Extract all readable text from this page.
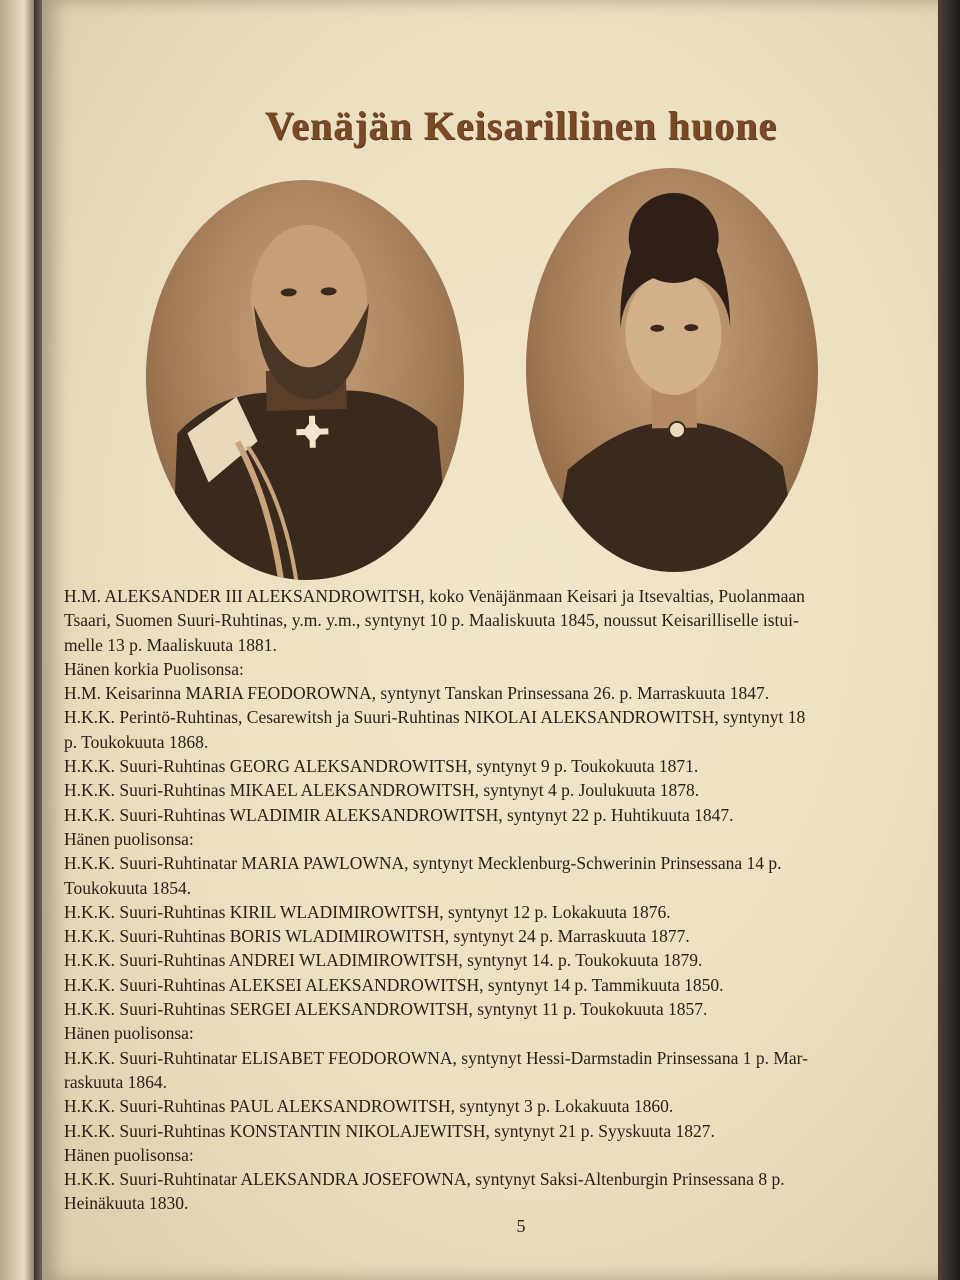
Venäjän Keisarillinen huone
H.M. ALEKSANDER III ALEKSANDROWITSH, koko Venäjänmaan Keisari ja Itsevaltias, Puolanmaan
Tsaari, Suomen Suuri-Ruhtinas, y.m. y.m., syntynyt 10 p. Maaliskuuta 1845, noussut Keisarilliselle istui-
melle 13 p. Maaliskuuta 1881.
Hänen korkia Puolisonsa:
H.M. Keisarinna MARIA FEODOROWNA, syntynyt Tanskan Prinsessana 26. p. Marraskuuta 1847.
H.K.K. Perintö-Ruhtinas, Cesarewitsh ja Suuri-Ruhtinas NIKOLAI ALEKSANDROWITSH, syntynyt 18
p. Toukokuuta 1868.
H.K.K. Suuri-Ruhtinas GEORG ALEKSANDROWITSH, syntynyt 9 p. Toukokuuta 1871.
H.K.K. Suuri-Ruhtinas MIKAEL ALEKSANDROWITSH, syntynyt 4 p. Joulukuuta 1878.
H.K.K. Suuri-Ruhtinas WLADIMIR ALEKSANDROWITSH, syntynyt 22 p. Huhtikuuta 1847.
Hänen puolisonsa:
H.K.K. Suuri-Ruhtinatar MARIA PAWLOWNA, syntynyt Mecklenburg-Schwerinin Prinsessana 14 p.
Toukokuuta 1854.
H.K.K. Suuri-Ruhtinas KIRIL WLADIMIROWITSH, syntynyt 12 p. Lokakuuta 1876.
H.K.K. Suuri-Ruhtinas BORIS WLADIMIROWITSH, syntynyt 24 p. Marraskuuta 1877.
H.K.K. Suuri-Ruhtinas ANDREI WLADIMIROWITSH, syntynyt 14. p. Toukokuuta 1879.
H.K.K. Suuri-Ruhtinas ALEKSEI ALEKSANDROWITSH, syntynyt 14 p. Tammikuuta 1850.
H.K.K. Suuri-Ruhtinas SERGEI ALEKSANDROWITSH, syntynyt 11 p. Toukokuuta 1857.
Hänen puolisonsa:
H.K.K. Suuri-Ruhtinatar ELISABET FEODOROWNA, syntynyt Hessi-Darmstadin Prinsessana 1 p. Mar-
raskuuta 1864.
H.K.K. Suuri-Ruhtinas PAUL ALEKSANDROWITSH, syntynyt 3 p. Lokakuuta 1860.
H.K.K. Suuri-Ruhtinas KONSTANTIN NIKOLAJEWITSH, syntynyt 21 p. Syyskuuta 1827.
Hänen puolisonsa:
H.K.K. Suuri-Ruhtinatar ALEKSANDRA JOSEFOWNA, syntynyt Saksi-Altenburgin Prinsessana 8 p.
Heinäkuuta 1830.
5
